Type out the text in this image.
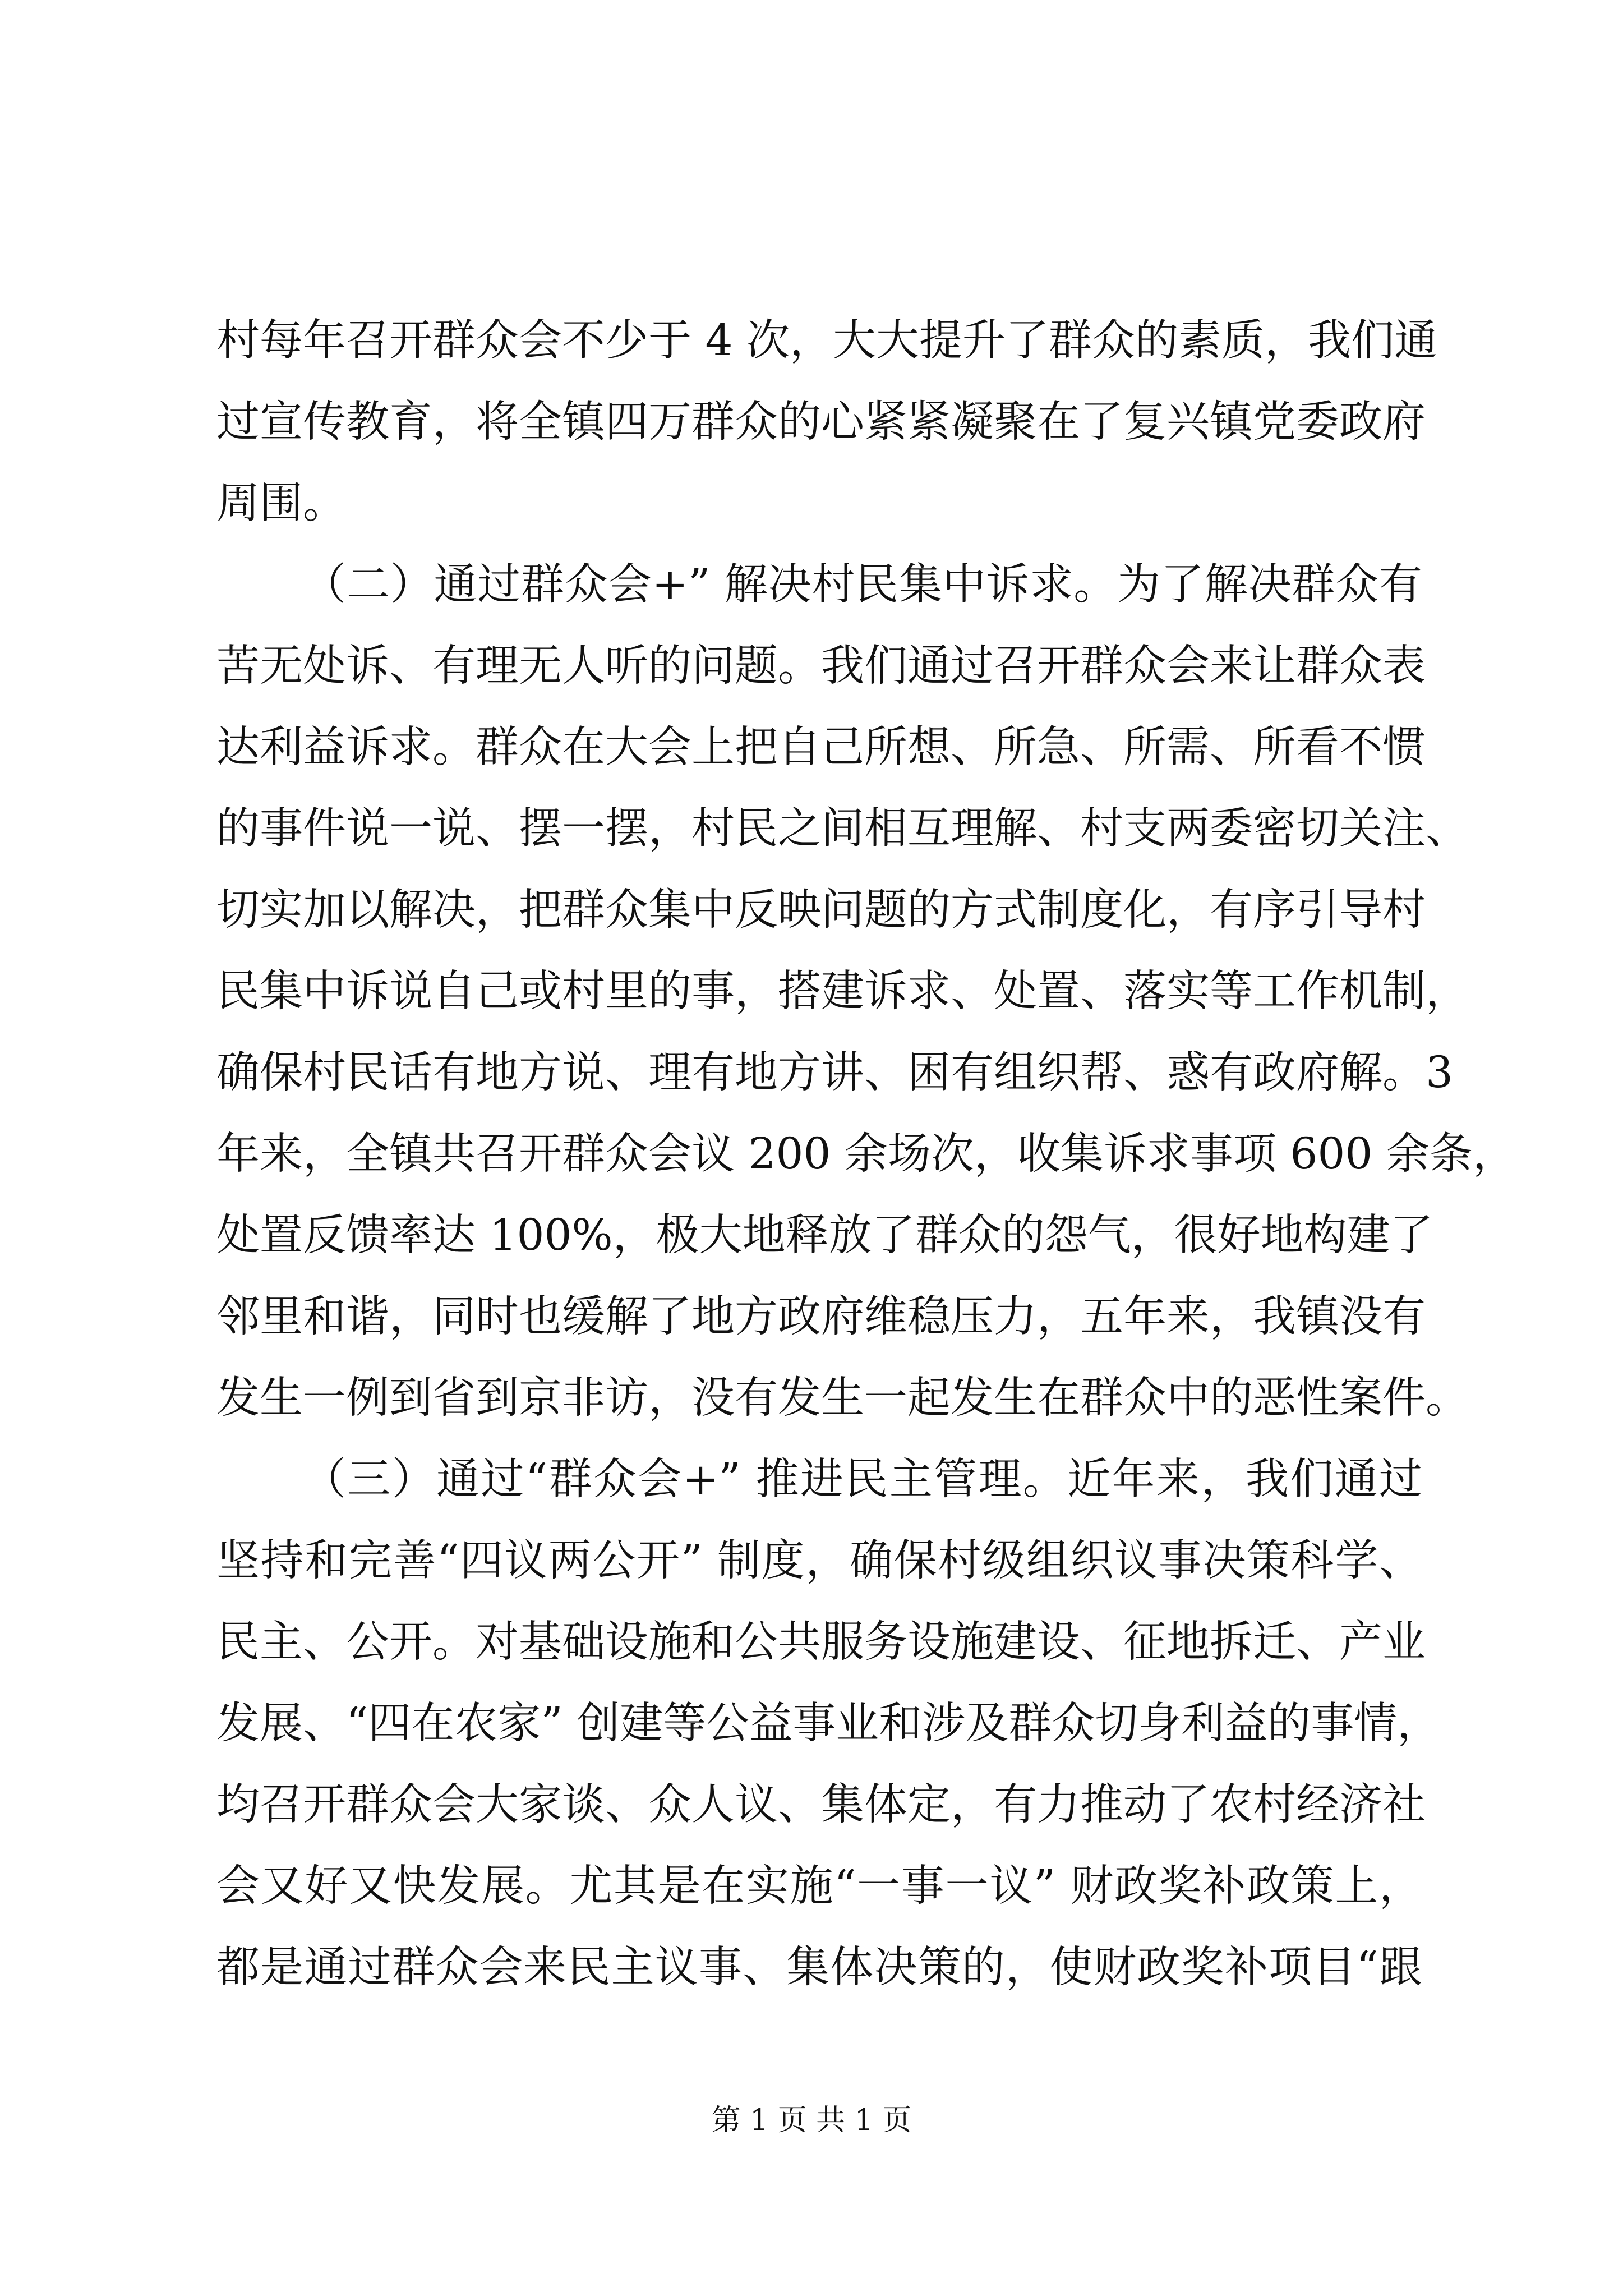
村每年召开群众会不少于 4 次，大大提升了群众的素质，我们通
过宣传教育，将全镇四万群众的心紧紧凝聚在了复兴镇党委政府
周围。
（二）通过群众会+” 解决村民集中诉求。为了解决群众有
苦无处诉、有理无人听的问题。我们通过召开群众会来让群众表
达利益诉求。群众在大会上把自己所想、所急、所需、所看不惯
的事件说一说、摆一摆，村民之间相互理解、村支两委密切关注、
切实加以解决，把群众集中反映问题的方式制度化，有序引导村
民集中诉说自己或村里的事，搭建诉求、处置、落实等工作机制，
确保村民话有地方说、理有地方讲、困有组织帮、惑有政府解。3
年来，全镇共召开群众会议 200 余场次，收集诉求事项 600 余条，
处置反馈率达 100%，极大地释放了群众的怨气，很好地构建了
邻里和谐，同时也缓解了地方政府维稳压力，五年来，我镇没有
发生一例到省到京非访，没有发生一起发生在群众中的恶性案件。
（三）通过“群众会+” 推进民主管理。近年来，我们通过
坚持和完善“四议两公开” 制度，确保村级组织议事决策科学、
民主、公开。对基础设施和公共服务设施建设、征地拆迁、产业
发展、“四在农家” 创建等公益事业和涉及群众切身利益的事情，
均召开群众会大家谈、众人议、集体定，有力推动了农村经济社
会又好又快发展。尤其是在实施“一事一议” 财政奖补政策上，
都是通过群众会来民主议事、集体决策的，使财政奖补项目“跟
第 1 页 共 1 页
